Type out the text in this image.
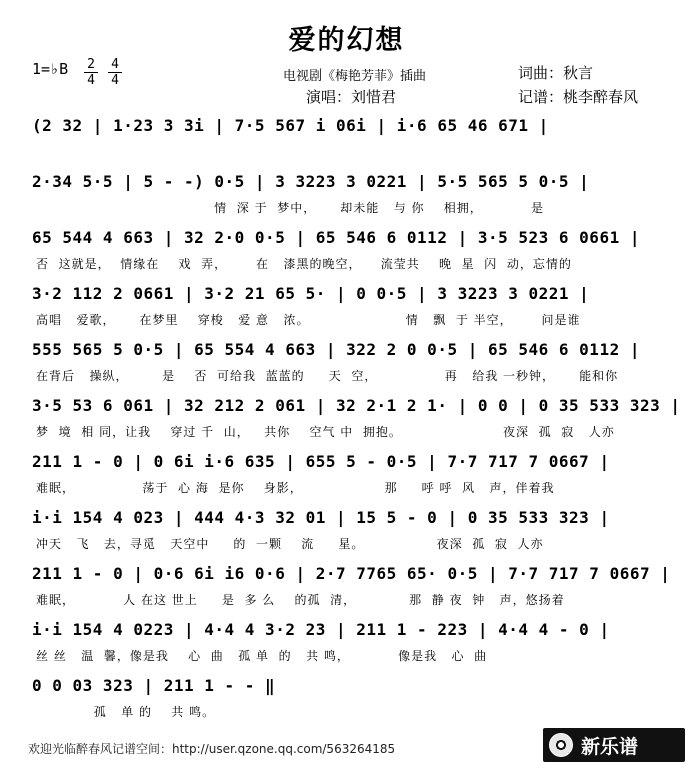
爱的幻想
1=♭B 2
4
4
4	电视剧《梅艳芳菲》插曲	词曲：秋言
演唱：刘惜君	记谱：桃李醉春风
(2 32 | 1·23 3 3i | 7·5 567 i 06i | i·6 65 46 671 |
2·34 5·5 | 5 - -) 0·5 | 3 3223 3 0221 | 5·5 565 5 0·5 |
情  深 于  梦中，     却未能   与 你    相拥，          是
65 544 4 663 | 32 2·0 0·5 | 65 546 6 0112 | 3·5 523 6 0661 |
否  这就是，  情缘在    戏  弄，      在   漆黑的晚空，    流莹共    晚  星  闪  动，忘情的
3·2 112 2 0661 | 3·2 21 65 5· | 0 0·5 | 3 3223 3 0221 |
高唱   爱歌，     在梦里    穿梭   爱 意   浓。                    情   飘  于 半空，      问是谁
555 565 5 0·5 | 65 554 4 663 | 322 2 0 0·5 | 65 546 6 0112 |
在背后   操纵，       是    否  可给我  蓝蓝的     天  空，              再   给我 一秒钟，     能和你
3·5 53 6 061 | 32 212 2 061 | 32 2·1 2 1· | 0 0 | 0 35 533 323 |
梦  境  相 同，让我    穿过 千  山，   共你    空气 中  拥抱。                     夜深  孤  寂   人亦
211 1 - 0 | 0 6i i·6 635 | 655 5 - 0·5 | 7·7 717 7 0667 |
难眠，              荡于  心 海  是你    身影，                 那     呼 呼  风   声，伴着我
i·i 154 4 023 | 444 4·3 32 01 | 15 5 - 0 | 0 35 533 323 |
冲天   飞   去，寻觅   天空中     的  一颗    流     星。               夜深  孤  寂  人亦
211 1 - 0 | 0·6 6i i6 0·6 | 2·7 7765 65· 0·5 | 7·7 717 7 0667 |
难眠，          人 在这 世上     是  多 么    的孤  清，           那  静 夜  钟   声，悠扬着
i·i 154 4 0223 | 4·4 4 3·2 23 | 211 1 - 223 | 4·4 4 - 0 |
丝 丝   温  馨，像是我    心  曲   孤 单  的   共 鸣，          像是我   心  曲
0 0 03 323 | 211 1 - - ‖
孤   单 的    共 鸣。
欢迎光临醉春风记谱空间：http://user.qzone.qq.com/563264185	新乐谱
